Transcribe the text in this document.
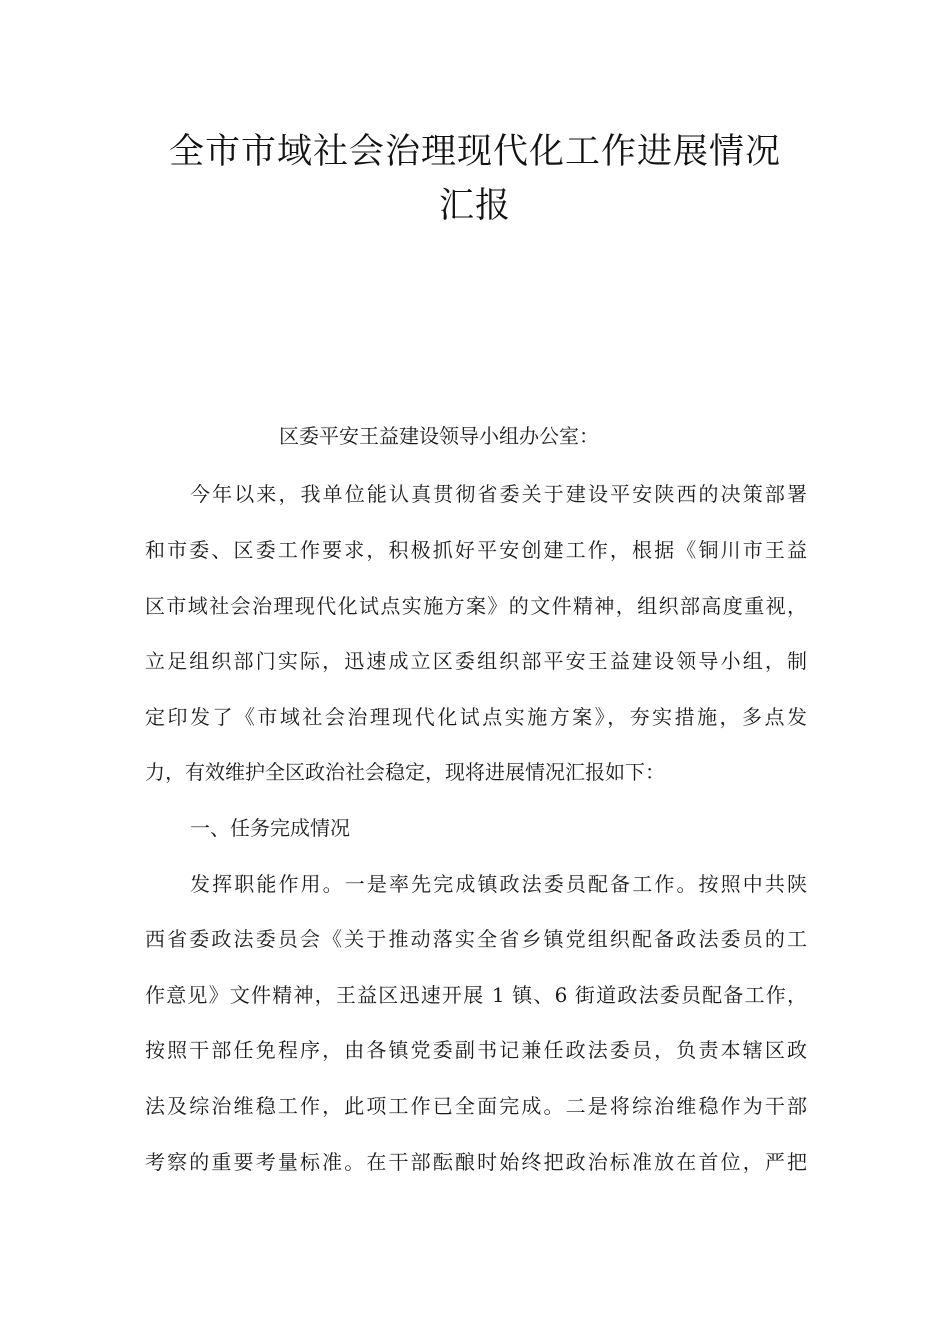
全市市域社会治理现代化工作进展情况
汇报
区委平安王益建设领导小组办公室：
今年以来，我单位能认真贯彻省委关于建设平安陕西的决策部署
和市委、区委工作要求，积极抓好平安创建工作，根据《铜川市王益
区市域社会治理现代化试点实施方案》的文件精神，组织部高度重视，
立足组织部门实际，迅速成立区委组织部平安王益建设领导小组，制
定印发了《市域社会治理现代化试点实施方案》，夯实措施，多点发
力，有效维护全区政治社会稳定，现将进展情况汇报如下：
一、任务完成情况
发挥职能作用。一是率先完成镇政法委员配备工作。按照中共陕
西省委政法委员会《关于推动落实全省乡镇党组织配备政法委员的工
作意见》文件精神，王益区迅速开展 1 镇、6 街道政法委员配备工作，
按照干部任免程序，由各镇党委副书记兼任政法委员，负责本辖区政
法及综治维稳工作，此项工作已全面完成。二是将综治维稳作为干部
考察的重要考量标准。在干部酝酿时始终把政治标准放在首位，严把
